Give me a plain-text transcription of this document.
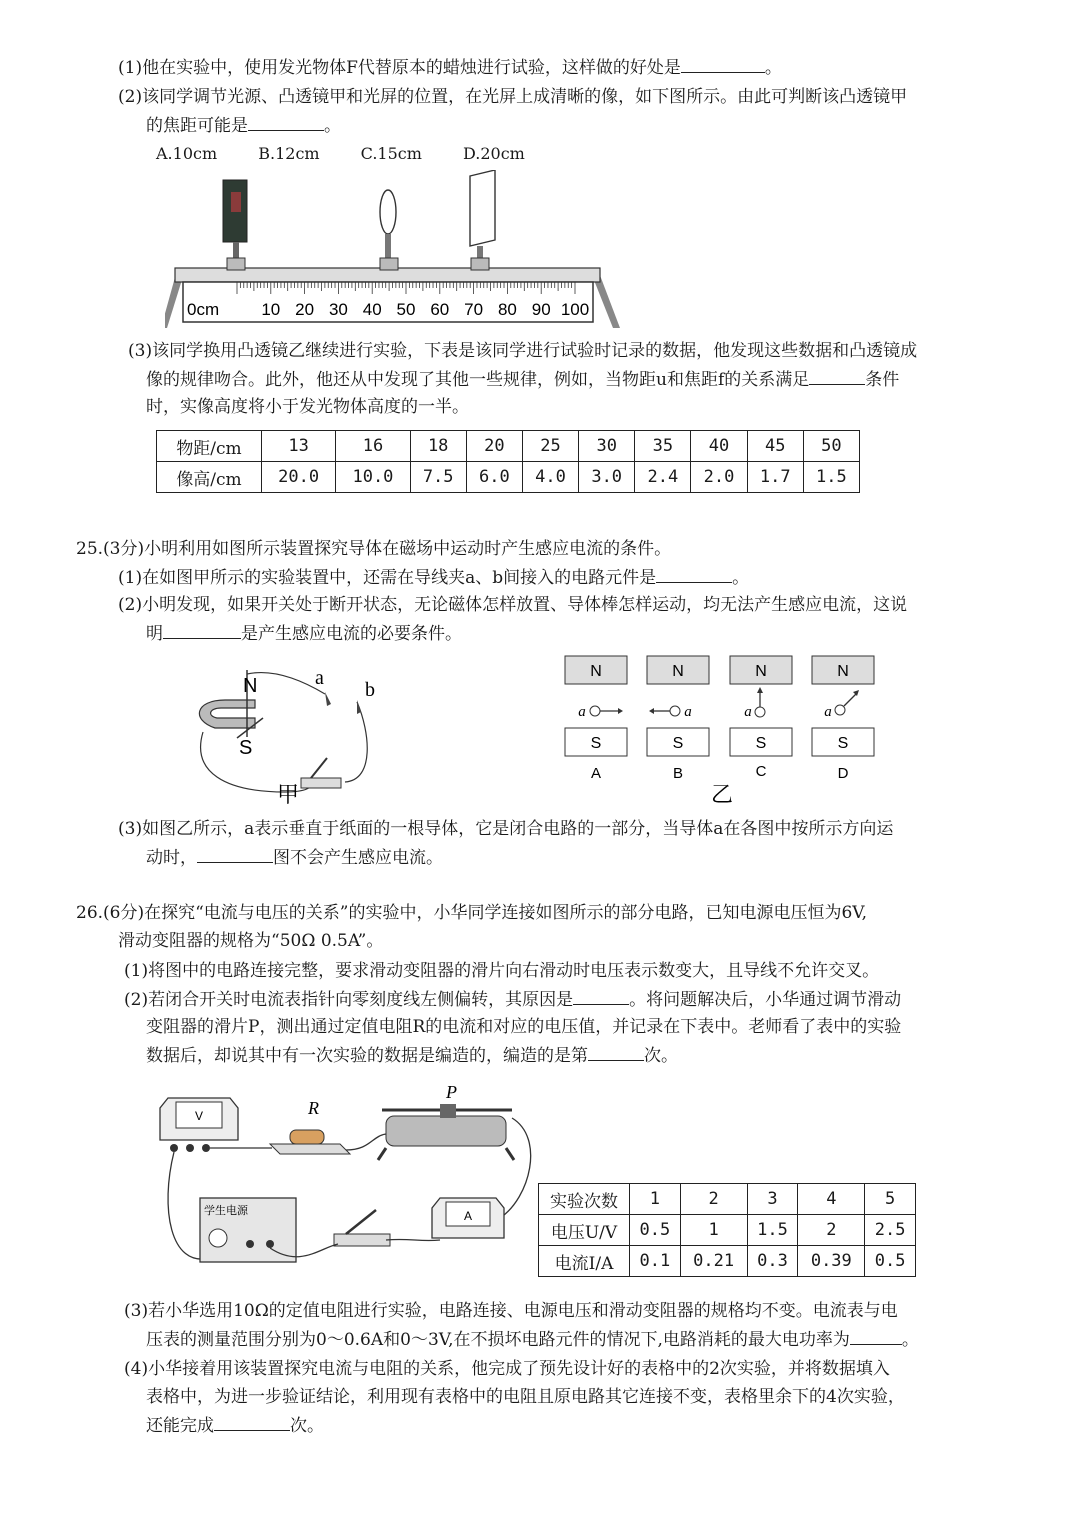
(1)他在实验中，使用发光物体F代替原本的蜡烛进行试验，这样做的好处是	。
(2)该同学调节光源、凸透镜甲和光屏的位置，在光屏上成清晰的像，如下图所示。由此可判断该凸透镜甲
的焦距可能是	。
A.10cm	B.12cm	C.15cm	D.20cm
0cm 10 20 30 40 50 60 70 80 90 100
(3)该同学换用凸透镜乙继续进行实验，下表是该同学进行试验时记录的数据，他发现这些数据和凸透镜成
像的规律吻合。此外，他还从中发现了其他一些规律，例如，当物距u和焦距f的关系满足	条件
时，实像高度将小于发光物体高度的一半。
物距/cm	13	16	18	20	25	30	35	40	45	50
像高/cm	20.0	10.0	7.5	6.0	4.0	3.0	2.4	2.0	1.7	1.5
25.(3分)小明利用如图所示装置探究导体在磁场中运动时产生感应电流的条件。
(1)在如图甲所示的实验装置中，还需在导线夹a、b间接入的电路元件是	。
(2)小明发现，如果开关处于断开状态，无论磁体怎样放置、导体棒怎样运动，均无法产生感应电流，这说
明	是产生感应电流的必要条件。
N
S
a
b
甲
N	N	N	N
S	S	S	S
a	a	a	a
A	B	C	D
乙
(3)如图乙所示，a表示垂直于纸面的一根导体，它是闭合电路的一部分，当导体a在各图中按所示方向运
动时，	图不会产生感应电流。
26.(6分)在探究“电流与电压的关系”的实验中，小华同学连接如图所示的部分电路，已知电源电压恒为6V,
滑动变阻器的规格为“50Ω 0.5A”。
(1)将图中的电路连接完整，要求滑动变阻器的滑片向右滑动时电压表示数变大，且导线不允许交叉。
(2)若闭合开关时电流表指针向零刻度线左侧偏转，其原因是	。将问题解决后，小华通过调节滑动
变阻器的滑片P，测出通过定值电阻R的电流和对应的电压值，并记录在下表中。老师看了表中的实验
数据后，却说其中有一次实验的数据是编造的，编造的是第	次。
V	R
P
学生电源	A
实验次数	1	2	3	4	5
电压U/V	0.5	1	1.5	2	2.5
电流I/A	0.1	0.21	0.3	0.39	0.5
(3)若小华选用10Ω的定值电阻进行实验，电路连接、电源电压和滑动变阻器的规格均不变。电流表与电
压表的测量范围分别为0～0.6A和0～3V,在不损坏电路元件的情况下,电路消耗的最大电功率为	。
(4)小华接着用该装置探究电流与电阻的关系，他完成了预先设计好的表格中的2次实验，并将数据填入
表格中，为进一步验证结论，利用现有表格中的电阻且原电路其它连接不变，表格里余下的4次实验，
还能完成	次。
